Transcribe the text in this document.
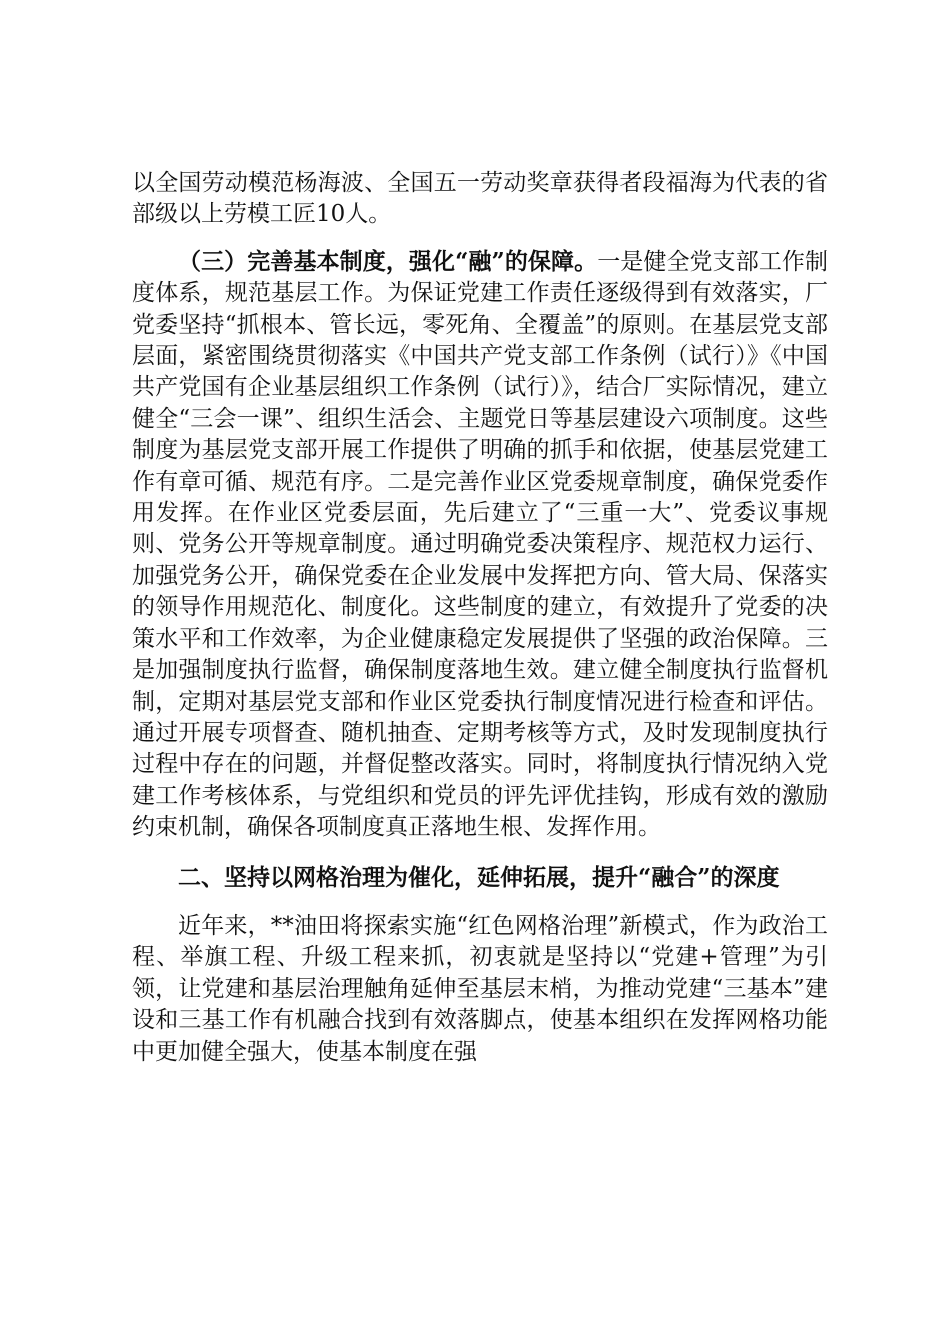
以全国劳动模范杨海波、全国五一劳动奖章获得者段福海为代表的省部级以上劳模工匠10人。

（三）完善基本制度，强化“融”的保障。一是健全党支部工作制度体系，规范基层工作。为保证党建工作责任逐级得到有效落实，厂党委坚持“抓根本、管长远，零死角、全覆盖”的原则。在基层党支部层面，紧密围绕贯彻落实《中国共产党支部工作条例（试行）》《中国共产党国有企业基层组织工作条例（试行）》，结合厂实际情况，建立健全“三会一课”、组织生活会、主题党日等基层建设六项制度。这些制度为基层党支部开展工作提供了明确的抓手和依据，使基层党建工作有章可循、规范有序。二是完善作业区党委规章制度，确保党委作用发挥。在作业区党委层面，先后建立了“三重一大”、党委议事规则、党务公开等规章制度。通过明确党委决策程序、规范权力运行、加强党务公开，确保党委在企业发展中发挥把方向、管大局、保落实的领导作用规范化、制度化。这些制度的建立，有效提升了党委的决策水平和工作效率，为企业健康稳定发展提供了坚强的政治保障。三是加强制度执行监督，确保制度落地生效。建立健全制度执行监督机制，定期对基层党支部和作业区党委执行制度情况进行检查和评估。通过开展专项督查、随机抽查、定期考核等方式，及时发现制度执行过程中存在的问题，并督促整改落实。同时，将制度执行情况纳入党建工作考核体系，与党组织和党员的评先评优挂钩，形成有效的激励约束机制，确保各项制度真正落地生根、发挥作用。

二、坚持以网格治理为催化，延伸拓展，提升“融合”的深度

近年来，**油田将探索实施“红色网格治理”新模式，作为政治工程、举旗工程、升级工程来抓，初衷就是坚持以“党建+管理”为引领，让党建和基层治理触角延伸至基层末梢，为推动党建“三基本”建设和三基工作有机融合找到有效落脚点，使基本组织在发挥网格功能中更加健全强大，使基本制度在强
